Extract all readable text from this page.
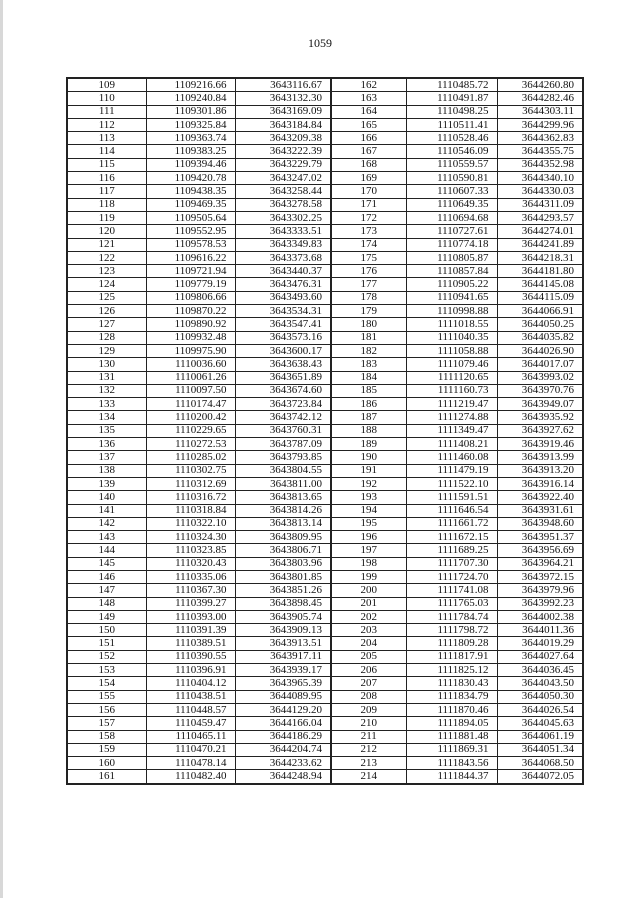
1059
109	1109216.66	3643116.67	162	1110485.72	3644260.80
110	1109240.84	3643132.30	163	1110491.87	3644282.46
111	1109301.86	3643169.09	164	1110498.25	3644303.11
112	1109325.84	3643184.84	165	1110511.41	3644299.96
113	1109363.74	3643209.38	166	1110528.46	3644362.83
114	1109383.25	3643222.39	167	1110546.09	3644355.75
115	1109394.46	3643229.79	168	1110559.57	3644352.98
116	1109420.78	3643247.02	169	1110590.81	3644340.10
117	1109438.35	3643258.44	170	1110607.33	3644330.03
118	1109469.35	3643278.58	171	1110649.35	3644311.09
119	1109505.64	3643302.25	172	1110694.68	3644293.57
120	1109552.95	3643333.51	173	1110727.61	3644274.01
121	1109578.53	3643349.83	174	1110774.18	3644241.89
122	1109616.22	3643373.68	175	1110805.87	3644218.31
123	1109721.94	3643440.37	176	1110857.84	3644181.80
124	1109779.19	3643476.31	177	1110905.22	3644145.08
125	1109806.66	3643493.60	178	1110941.65	3644115.09
126	1109870.22	3643534.31	179	1110998.88	3644066.91
127	1109890.92	3643547.41	180	1111018.55	3644050.25
128	1109932.48	3643573.16	181	1111040.35	3644035.82
129	1109975.90	3643600.17	182	1111058.88	3644026.90
130	1110036.60	3643638.43	183	1111079.46	3644017.07
131	1110061.26	3643651.89	184	1111120.65	3643993.02
132	1110097.50	3643674.60	185	1111160.73	3643970.76
133	1110174.47	3643723.84	186	1111219.47	3643949.07
134	1110200.42	3643742.12	187	1111274.88	3643935.92
135	1110229.65	3643760.31	188	1111349.47	3643927.62
136	1110272.53	3643787.09	189	1111408.21	3643919.46
137	1110285.02	3643793.85	190	1111460.08	3643913.99
138	1110302.75	3643804.55	191	1111479.19	3643913.20
139	1110312.69	3643811.00	192	1111522.10	3643916.14
140	1110316.72	3643813.65	193	1111591.51	3643922.40
141	1110318.84	3643814.26	194	1111646.54	3643931.61
142	1110322.10	3643813.14	195	1111661.72	3643948.60
143	1110324.30	3643809.95	196	1111672.15	3643951.37
144	1110323.85	3643806.71	197	1111689.25	3643956.69
145	1110320.43	3643803.96	198	1111707.30	3643964.21
146	1110335.06	3643801.85	199	1111724.70	3643972.15
147	1110367.30	3643851.26	200	1111741.08	3643979.96
148	1110399.27	3643898.45	201	1111765.03	3643992.23
149	1110393.00	3643905.74	202	1111784.74	3644002.38
150	1110391.39	3643909.13	203	1111798.72	3644011.36
151	1110389.51	3643913.51	204	1111809.28	3644019.29
152	1110390.55	3643917.11	205	1111817.91	3644027.64
153	1110396.91	3643939.17	206	1111825.12	3644036.45
154	1110404.12	3643965.39	207	1111830.43	3644043.50
155	1110438.51	3644089.95	208	1111834.79	3644050.30
156	1110448.57	3644129.20	209	1111870.46	3644026.54
157	1110459.47	3644166.04	210	1111894.05	3644045.63
158	1110465.11	3644186.29	211	1111881.48	3644061.19
159	1110470.21	3644204.74	212	1111869.31	3644051.34
160	1110478.14	3644233.62	213	1111843.56	3644068.50
161	1110482.40	3644248.94	214	1111844.37	3644072.05
